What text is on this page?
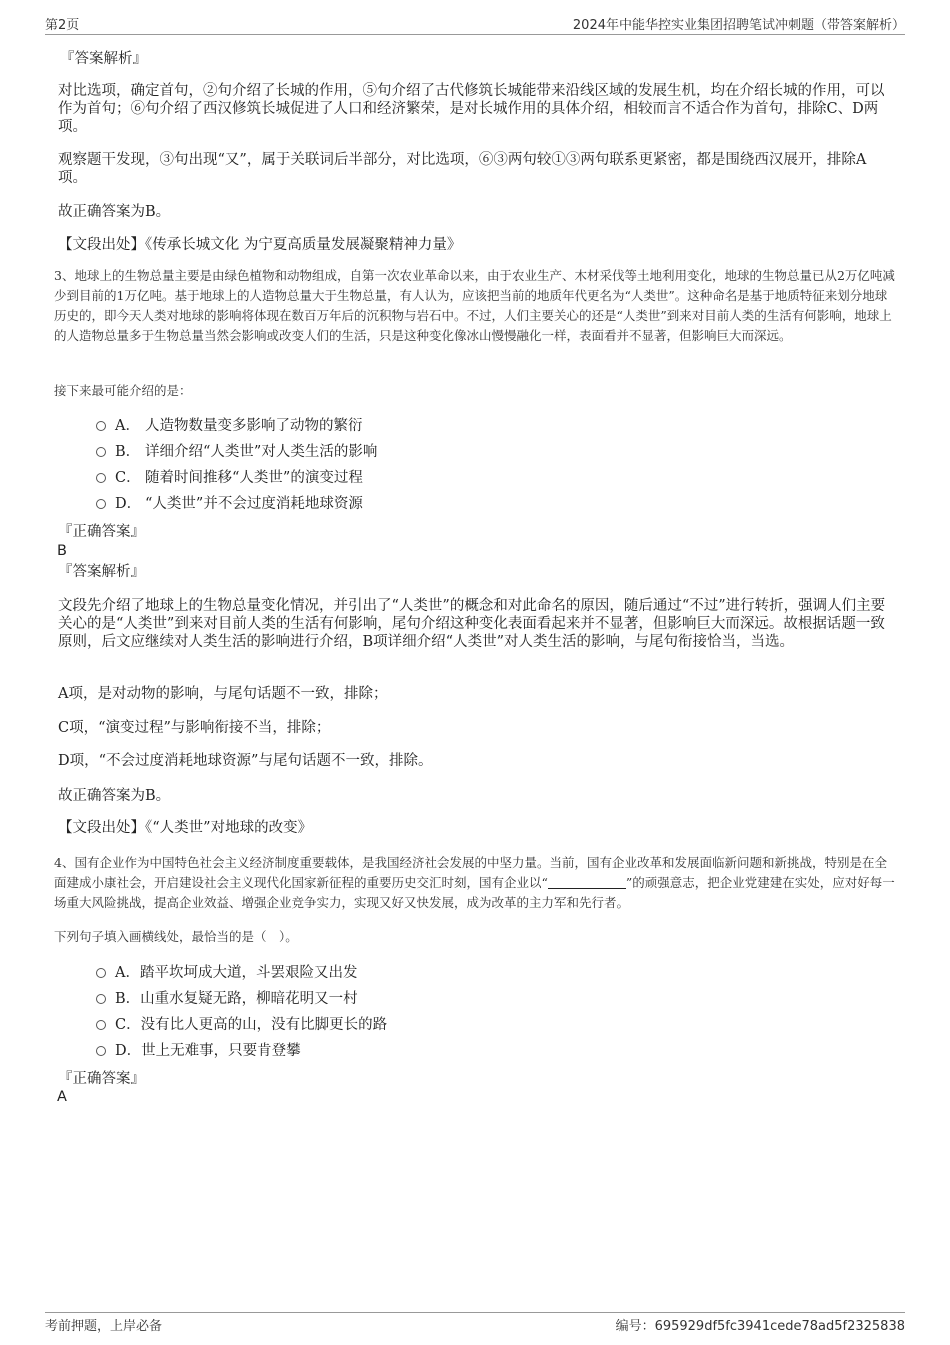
第2页	2024年中能华控实业集团招聘笔试冲刺题（带答案解析）

『答案解析』

对比选项，确定首句，②句介绍了长城的作用，⑤句介绍了古代修筑长城能带来沿线区域的发展生机，均在介绍长城的作用，可以作为首句；⑥句介绍了西汉修筑长城促进了人口和经济繁荣，是对长城作用的具体介绍，相较而言不适合作为首句，排除C、D两项。

观察题干发现，③句出现“又”，属于关联词后半部分，对比选项，⑥③两句较①③两句联系更紧密，都是围绕西汉展开，排除A项。

故正确答案为B。

【文段出处】《传承长城文化 为宁夏高质量发展凝聚精神力量》

3、地球上的生物总量主要是由绿色植物和动物组成，自第一次农业革命以来，由于农业生产、木材采伐等土地利用变化，地球的生物总量已从2万亿吨减少到目前的1万亿吨。基于地球上的人造物总量大于生物总量，有人认为，应该把当前的地质年代更名为“人类世”。这种命名是基于地质特征来划分地球历史的，即今天人类对地球的影响将体现在数百万年后的沉积物与岩石中。不过，人们主要关心的还是“人类世”到来对目前人类的生活有何影响，地球上的人造物总量多于生物总量当然会影响或改变人们的生活，只是这种变化像冰山慢慢融化一样，表面看并不显著，但影响巨大而深远。

接下来最可能介绍的是：

A． 人造物数量变多影响了动物的繁衍
B． 详细介绍“人类世”对人类生活的影响
C． 随着时间推移“人类世”的演变过程
D． “人类世”并不会过度消耗地球资源

『正确答案』

B

『答案解析』

文段先介绍了地球上的生物总量变化情况，并引出了“人类世”的概念和对此命名的原因，随后通过“不过”进行转折，强调人们主要关心的是“人类世”到来对目前人类的生活有何影响，尾句介绍这种变化表面看起来并不显著，但影响巨大而深远。故根据话题一致原则，后文应继续对人类生活的影响进行介绍，B项详细介绍“人类世”对人类生活的影响，与尾句衔接恰当，当选。

A项，是对动物的影响，与尾句话题不一致，排除；

C项，“演变过程”与影响衔接不当，排除；

D项，“不会过度消耗地球资源”与尾句话题不一致，排除。

故正确答案为B。

【文段出处】《“人类世”对地球的改变》

4、国有企业作为中国特色社会主义经济制度重要载体，是我国经济社会发展的中坚力量。当前，国有企业改革和发展面临新问题和新挑战，特别是在全面建成小康社会，开启建设社会主义现代化国家新征程的重要历史交汇时刻，国有企业以“	”的顽强意志，把企业党建建在实处，应对好每一场重大风险挑战，提高企业效益、增强企业竞争实力，实现又好又快发展，成为改革的主力军和先行者。

下列句子填入画横线处，最恰当的是（　）。

A．踏平坎坷成大道，斗罢艰险又出发
B．山重水复疑无路，柳暗花明又一村
C．没有比人更高的山，没有比脚更长的路
D．世上无难事，只要肯登攀

『正确答案』

A

考前押题，上岸必备	编号：695929df5fc3941cede78ad5f2325838
